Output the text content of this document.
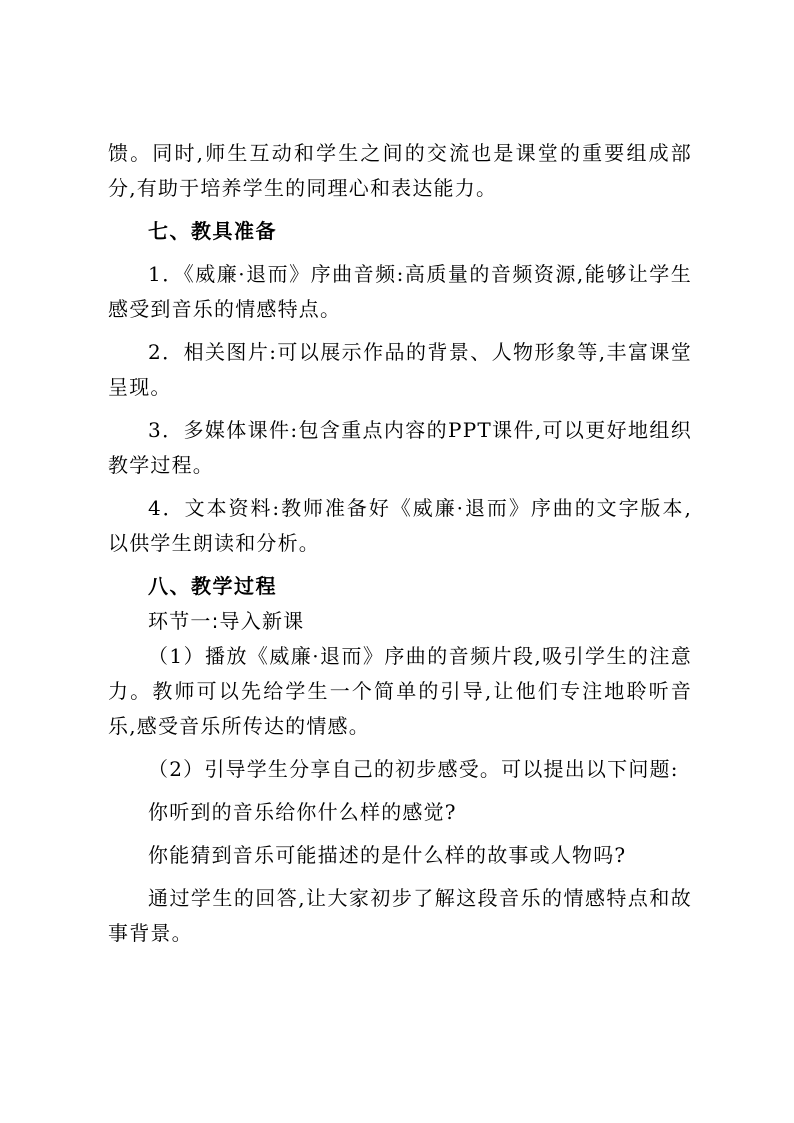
馈。同时,师生互动和学生之间的交流也是课堂的重要组成部分,有助于培养学生的同理心和表达能力。

七、教具准备

1．《威廉·退而》序曲音频:高质量的音频资源,能够让学生感受到音乐的情感特点。

2．相关图片:可以展示作品的背景、人物形象等,丰富课堂呈现。

3．多媒体课件:包含重点内容的PPT课件,可以更好地组织教学过程。

4．文本资料:教师准备好《威廉·退而》序曲的文字版本,以供学生朗读和分析。

八、教学过程

环节一:导入新课

（1）播放《威廉·退而》序曲的音频片段,吸引学生的注意力。教师可以先给学生一个简单的引导,让他们专注地聆听音乐,感受音乐所传达的情感。

（2）引导学生分享自己的初步感受。可以提出以下问题:

你听到的音乐给你什么样的感觉?

你能猜到音乐可能描述的是什么样的故事或人物吗?

通过学生的回答,让大家初步了解这段音乐的情感特点和故事背景。
